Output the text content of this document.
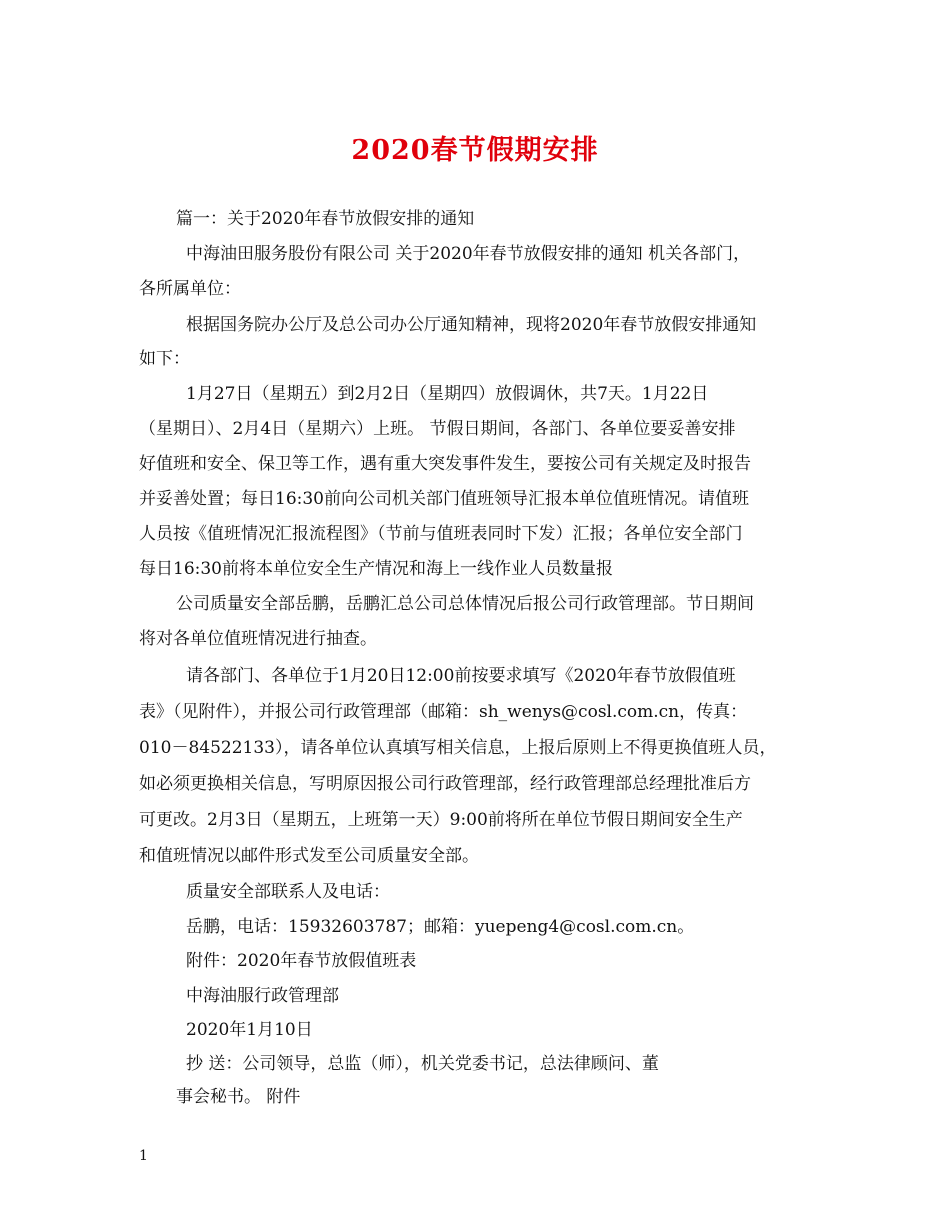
2020春节假期安排
篇一：关于2020年春节放假安排的通知
中海油田服务股份有限公司 关于2020年春节放假安排的通知 机关各部门，
各所属单位：
根据国务院办公厅及总公司办公厅通知精神，现将2020年春节放假安排通知
如下：
1月27日（星期五）到2月2日（星期四）放假调休，共7天。1月22日
（星期日）、2月4日（星期六）上班。 节假日期间，各部门、各单位要妥善安排
好值班和安全、保卫等工作，遇有重大突发事件发生，要按公司有关规定及时报告
并妥善处置；每日16:30前向公司机关部门值班领导汇报本单位值班情况。请值班
人员按《值班情况汇报流程图》（节前与值班表同时下发）汇报；各单位安全部门
每日16:30前将本单位安全生产情况和海上一线作业人员数量报
公司质量安全部岳鹏，岳鹏汇总公司总体情况后报公司行政管理部。节日期间
将对各单位值班情况进行抽查。
请各部门、各单位于1月20日12:00前按要求填写《2020年春节放假值班
表》（见附件），并报公司行政管理部（邮箱：sh_wenys@cosl.com.cn，传真：
010－84522133），请各单位认真填写相关信息，上报后原则上不得更换值班人员，
如必须更换相关信息，写明原因报公司行政管理部，经行政管理部总经理批准后方
可更改。2月3日（星期五，上班第一天）9:00前将所在单位节假日期间安全生产
和值班情况以邮件形式发至公司质量安全部。
质量安全部联系人及电话：
岳鹏，电话：15932603787；邮箱：yuepeng4@cosl.com.cn。
附件：2020年春节放假值班表
中海油服行政管理部
2020年1月10日
抄 送：公司领导，总监（师），机关党委书记，总法律顾问、董
事会秘书。 附件
1
